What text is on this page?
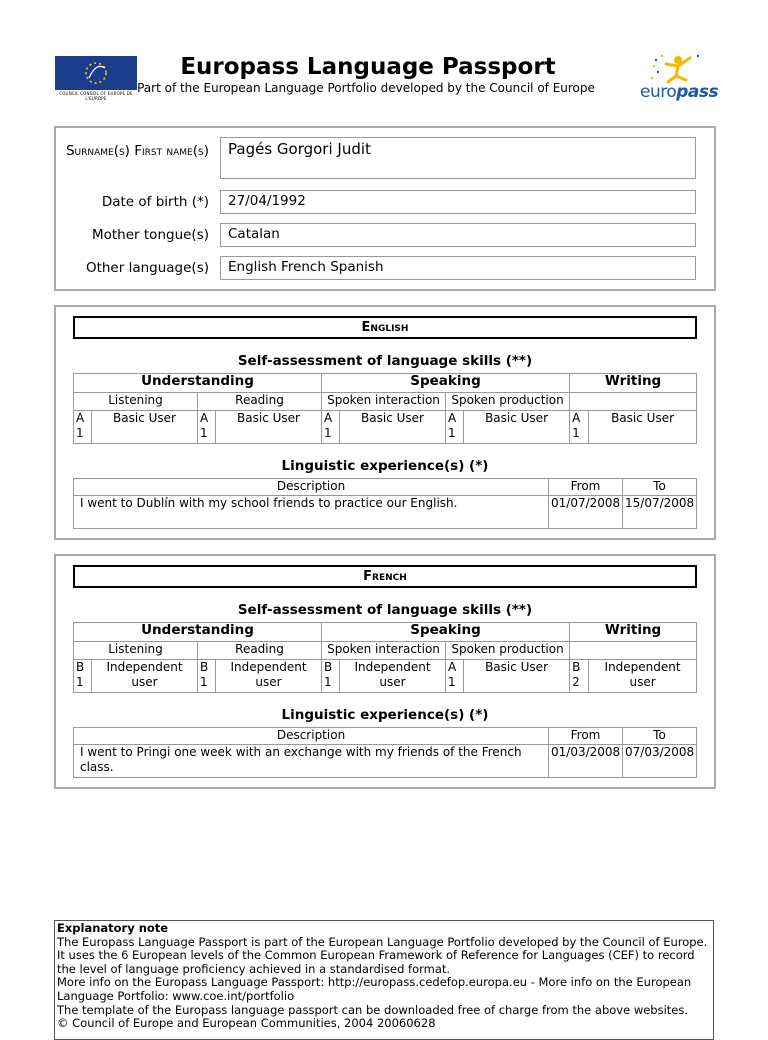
COUNCIL CONSEIL OF EUROPE DE L'EUROPE
Europass Language Passport
Part of the European Language Portfolio developed by the Council of Europe	europass
Surname(s) First name(s)	Pagés Gorgori Judit
Date of birth (*)	27/04/1992
Mother tongue(s)	Catalan
Other language(s)	English French Spanish
English
Self-assessment of language skills (**)
Understanding				Speaking				Writing	
Listening		Reading		Spoken interaction		Spoken production			
A 1	Basic User	A 1	Basic User	A 1	Basic User	A 1	Basic User	A 1	Basic User
Linguistic experience(s) (*)
Description	From	To
I went to Dublín with my school friends to practice our English.	01/07/2008	15/07/2008
French
Self-assessment of language skills (**)
Understanding				Speaking				Writing	
Listening		Reading		Spoken interaction		Spoken production			
B 1	Independent user	B 1	Independent user	B 1	Independent user	A 1	Basic User	B 2	Independent user
Linguistic experience(s) (*)
Description	From	To
I went to Pringi one week with an exchange with my friends of the French class.	01/03/2008	07/03/2008

Explanatory note

The Europass Language Passport is part of the European Language Portfolio developed by the Council of Europe. It uses the 6 European levels of the Common European Framework of Reference for Languages (CEF) to record the level of language proficiency achieved in a standardised format.

More info on the Europass Language Passport: http://europass.cedefop.europa.eu - More info on the European Language Portfolio: www.coe.int/portfolio

The template of the Europass language passport can be downloaded free of charge from the above websites.

© Council of Europe and European Communities, 2004 20060628
